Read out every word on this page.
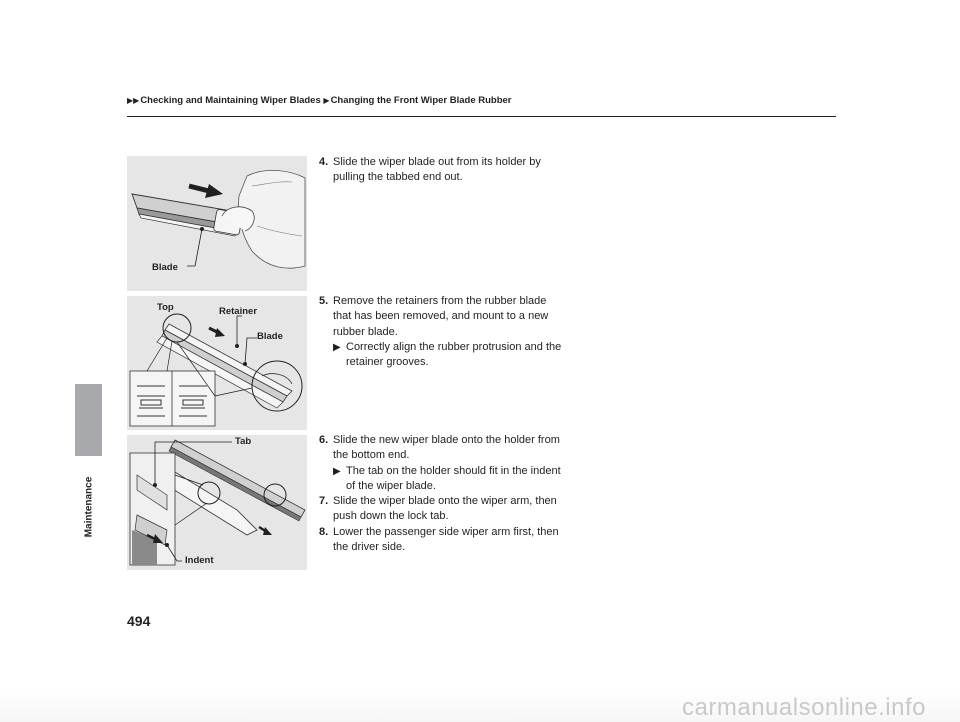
Maintenance
▶▶Checking and Maintaining Wiper Blades ▶Changing the Front Wiper Blade Rubber
Blade
Top	Retainer
Blade
Tab
Indent
4. Slide the wiper blade out from its holder by pulling the tabbed end out.
5. Remove the retainers from the rubber blade that has been removed, and mount to a new rubber blade.
▶ Correctly align the rubber protrusion and the retainer grooves.
6. Slide the new wiper blade onto the holder from the bottom end.
▶ The tab on the holder should fit in the indent of the wiper blade.
7. Slide the wiper blade onto the wiper arm, then push down the lock tab.
8. Lower the passenger side wiper arm first, then the driver side.
494
carmanualsonline.info
